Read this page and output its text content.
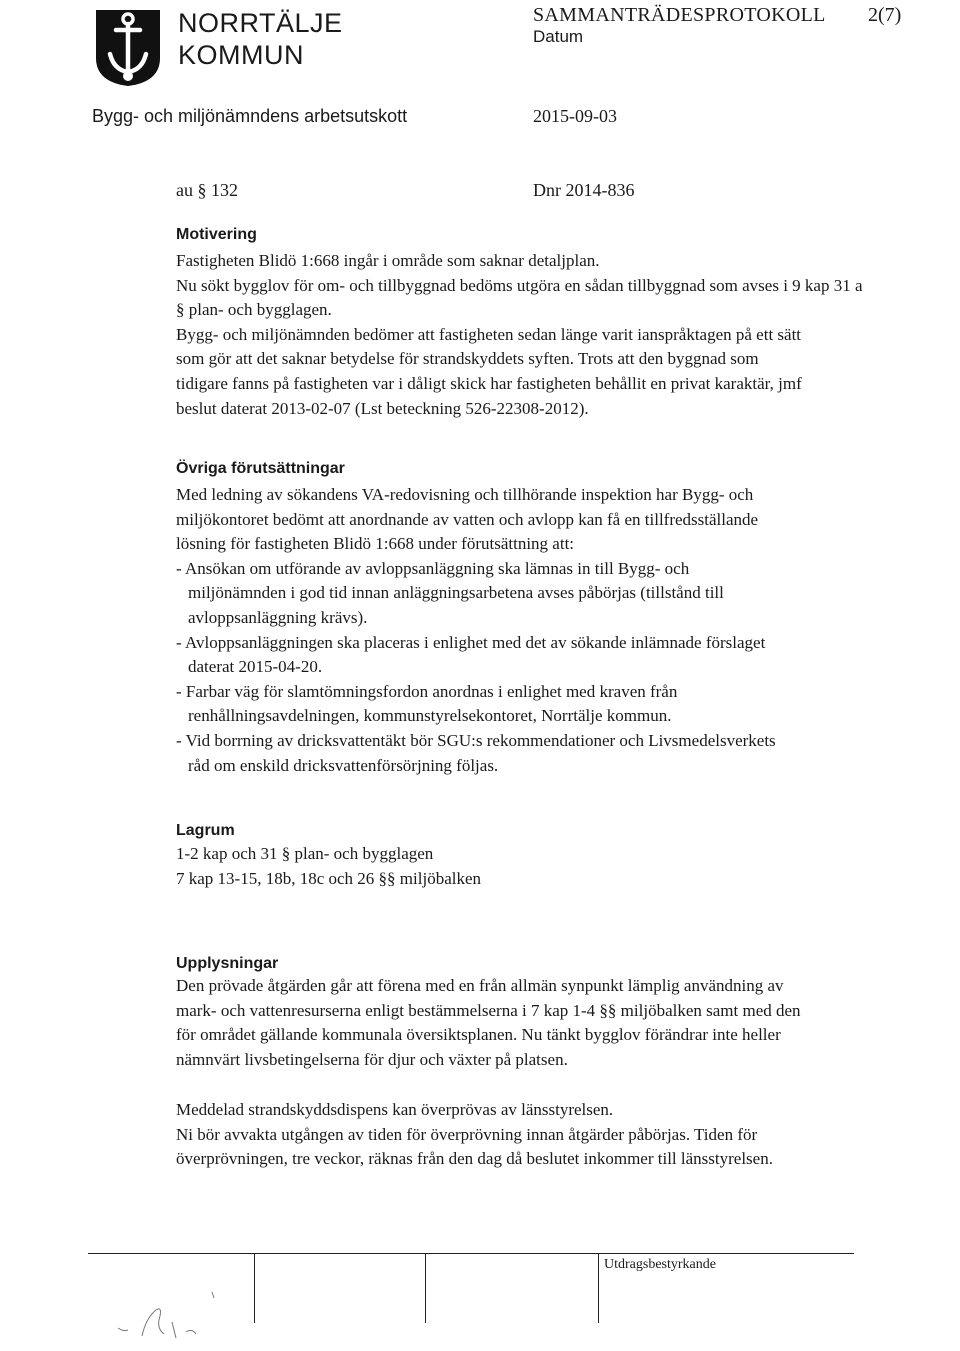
NORRTÄLJE
KOMMUN
SAMMANTRÄDESPROTOKOLL 2(7)
Datum
Bygg- och miljönämndens arbetsutskott	2015-09-03
au § 132	Dnr 2014-836
Motivering
Fastigheten Blidö 1:668 ingår i område som saknar detaljplan.
Nu sökt bygglov för om- och tillbyggnad bedöms utgöra en sådan tillbyggnad som avses i 9 kap 31 a
§ plan- och bygglagen.
Bygg- och miljönämnden bedömer att fastigheten sedan länge varit ianspråktagen på ett sätt
som gör att det saknar betydelse för strandskyddets syften. Trots att den byggnad som
tidigare fanns på fastigheten var i dåligt skick har fastigheten behållit en privat karaktär, jmf
beslut daterat 2013-02-07 (Lst beteckning 526-22308-2012).
Övriga förutsättningar
Med ledning av sökandens VA-redovisning och tillhörande inspektion har Bygg- och
miljökontoret bedömt att anordnande av vatten och avlopp kan få en tillfredsställande
lösning för fastigheten Blidö 1:668 under förutsättning att:
- Ansökan om utförande av avloppsanläggning ska lämnas in till Bygg- och
miljönämnden i god tid innan anläggningsarbetena avses påbörjas (tillstånd till
avloppsanläggning krävs).
- Avloppsanläggningen ska placeras i enlighet med det av sökande inlämnade förslaget
daterat 2015-04-20.
- Farbar väg för slamtömningsfordon anordnas i enlighet med kraven från
renhållningsavdelningen, kommunstyrelsekontoret, Norrtälje kommun.
- Vid borrning av dricksvattentäkt bör SGU:s rekommendationer och Livsmedelsverkets
råd om enskild dricksvattenförsörjning följas.
Lagrum
1-2 kap och 31 § plan- och bygglagen
7 kap 13-15, 18b, 18c och 26 §§ miljöbalken
Upplysningar
Den prövade åtgärden går att förena med en från allmän synpunkt lämplig användning av
mark- och vattenresurserna enligt bestämmelserna i 7 kap 1-4 §§ miljöbalken samt med den
för området gällande kommunala översiktsplanen. Nu tänkt bygglov förändrar inte heller
nämnvärt livsbetingelserna för djur och växter på platsen.
Meddelad strandskyddsdispens kan överprövas av länsstyrelsen.
Ni bör avvakta utgången av tiden för överprövning innan åtgärder påbörjas. Tiden för
överprövningen, tre veckor, räknas från den dag då beslutet inkommer till länsstyrelsen.
Utdragsbestyrkande
